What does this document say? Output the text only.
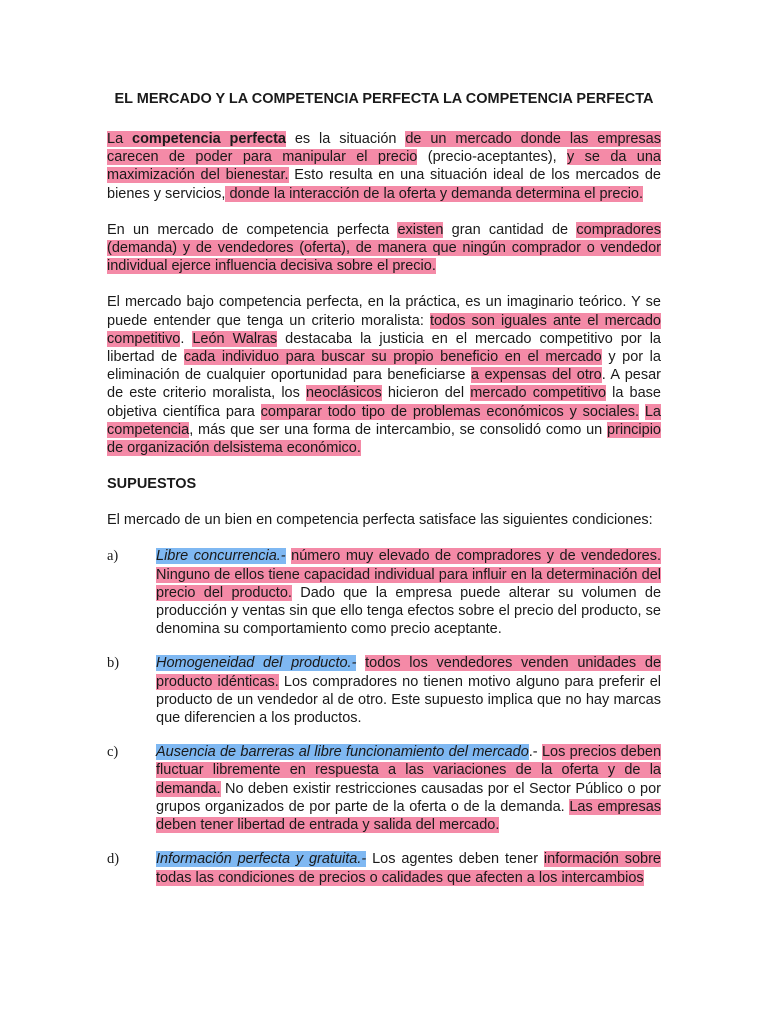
EL MERCADO Y LA COMPETENCIA PERFECTA LA COMPETENCIA PERFECTA

La competencia perfecta es la situación de un mercado donde las empresas carecen de poder para manipular el precio (precio-aceptantes), y se da una maximización del bienestar. Esto resulta en una situación ideal de los mercados de bienes y servicios, donde la interacción de la oferta y demanda determina el precio.

En un mercado de competencia perfecta existen gran cantidad de compradores (demanda) y de vendedores (oferta), de manera que ningún comprador o vendedor individual ejerce influencia decisiva sobre el precio.

El mercado bajo competencia perfecta, en la práctica, es un imaginario teórico. Y se puede entender que tenga un criterio moralista: todos son iguales ante el mercado competitivo. León Walras destacaba la justicia en el mercado competitivo por la libertad de cada individuo para buscar su propio beneficio en el mercado y por la eliminación de cualquier oportunidad para beneficiarse a expensas del otro. A pesar de este criterio moralista, los neoclásicos hicieron del mercado competitivo la base objetiva científica para comparar todo tipo de problemas económicos y sociales. La competencia, más que ser una forma de intercambio, se consolidó como un principio de organización delsistema económico.

SUPUESTOS

El mercado de un bien en competencia perfecta satisface las siguientes condiciones:

a)	Libre concurrencia.- número muy elevado de compradores y de vendedores. Ninguno de ellos tiene capacidad individual para influir en la determinación del precio del producto. Dado que la empresa puede alterar su volumen de producción y ventas sin que ello tenga efectos sobre el precio del producto, se denomina su comportamiento como precio aceptante.
b)	Homogeneidad del producto.- todos los vendedores venden unidades de producto idénticas. Los compradores no tienen motivo alguno para preferir el producto de un vendedor al de otro. Este supuesto implica que no hay marcas que diferencien a los productos.
c)	Ausencia de barreras al libre funcionamiento del mercado.- Los precios deben fluctuar libremente en respuesta a las variaciones de la oferta y de la demanda. No deben existir restricciones causadas por el Sector Público o por grupos organizados de por parte de la oferta o de la demanda. Las empresas deben tener libertad de entrada y salida del mercado.
d)	Información perfecta y gratuita.- Los agentes deben tener información sobre todas las condiciones de precios o calidades que afecten a los intercambios
